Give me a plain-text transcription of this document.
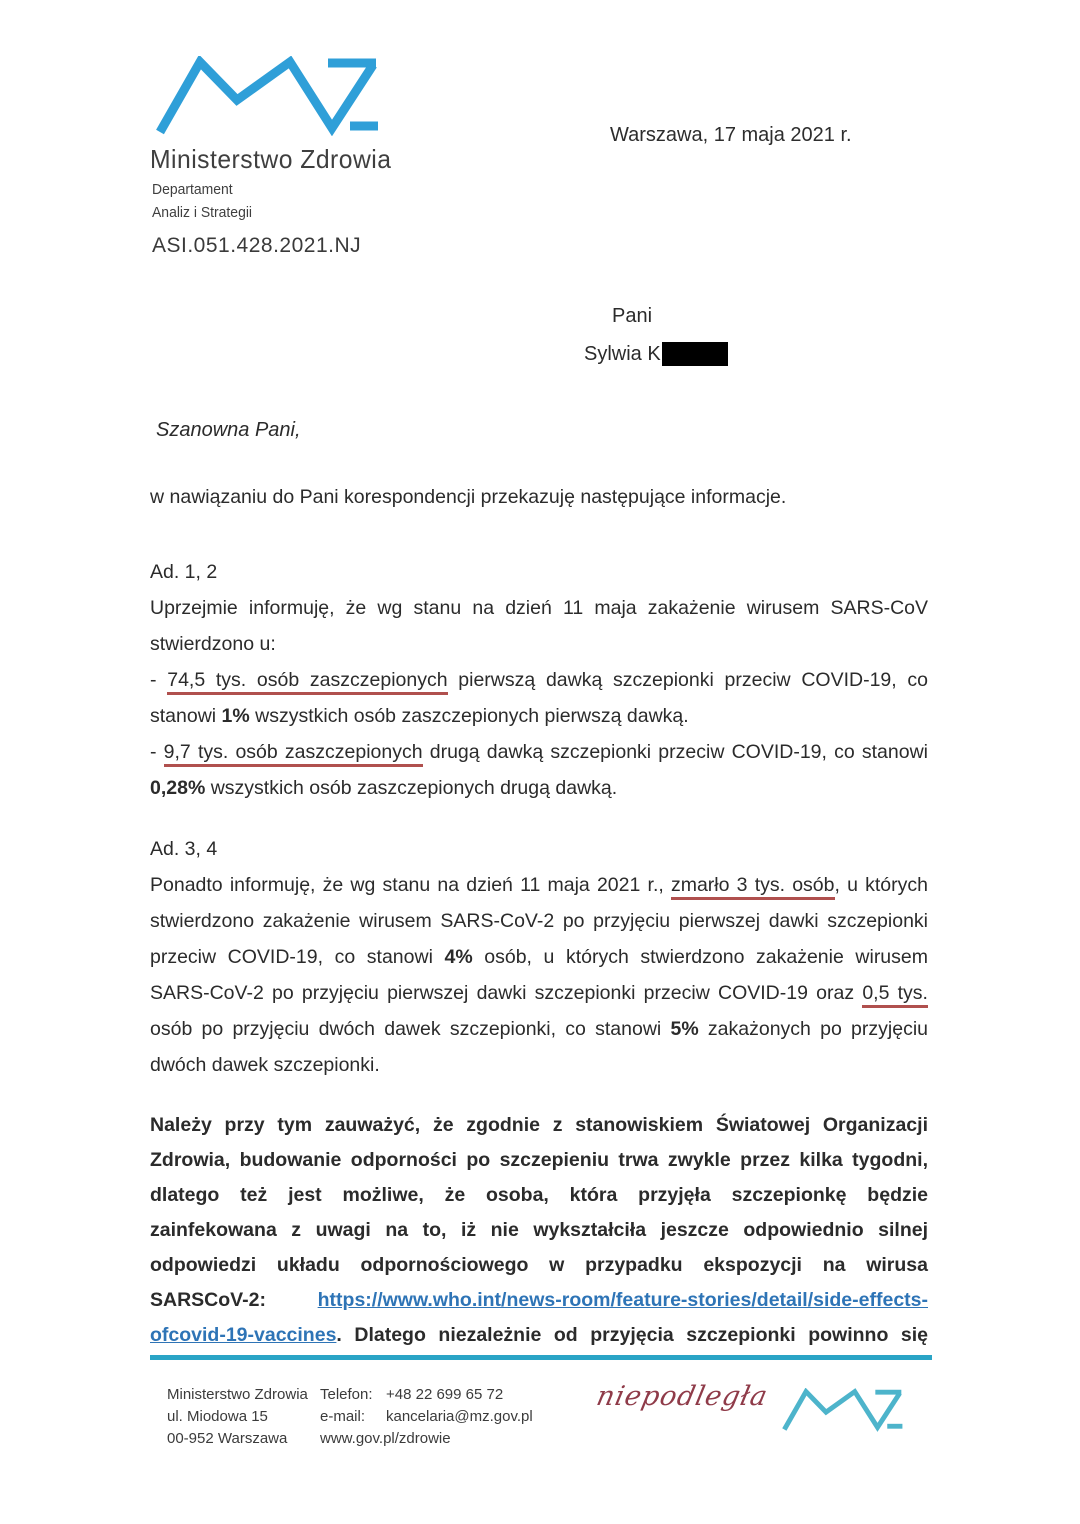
Ministerstwo Zdrowia
Departament
Analiz i Strategii
ASI.051.428.2021.NJ
Warszawa, 17 maja 2021 r.
Pani
Sylwia K
Szanowna Pani,
w nawiązaniu do Pani korespondencji przekazuję następujące informacje.
Ad. 1, 2
Uprzejmie informuję, że wg stanu na dzień 11 maja zakażenie wirusem SARS-CoV
stwierdzono u:
- 74,5 tys. osób zaszczepionych pierwszą dawką szczepionki przeciw COVID-19, co
stanowi 1% wszystkich osób zaszczepionych pierwszą dawką.
- 9,7 tys. osób zaszczepionych drugą dawką szczepionki przeciw COVID-19, co stanowi
0,28% wszystkich osób zaszczepionych drugą dawką.
Ad. 3, 4
Ponadto informuję, że wg stanu na dzień 11 maja 2021 r., zmarło 3 tys. osób, u których
stwierdzono zakażenie wirusem SARS-CoV-2 po przyjęciu pierwszej dawki szczepionki
przeciw COVID-19, co stanowi 4% osób, u których stwierdzono zakażenie wirusem
SARS-CoV-2 po przyjęciu pierwszej dawki szczepionki przeciw COVID-19 oraz 0,5 tys.
osób po przyjęciu dwóch dawek szczepionki, co stanowi 5% zakażonych po przyjęciu
dwóch dawek szczepionki.
Należy przy tym zauważyć, że zgodnie z stanowiskiem Światowej Organizacji
Zdrowia, budowanie odporności po szczepieniu trwa zwykle przez kilka tygodni,
dlatego też jest możliwe, że osoba, która przyjęła szczepionkę będzie
zainfekowana z uwagi na to, iż nie wykształciła jeszcze odpowiednio silnej
odpowiedzi układu odpornościowego w przypadku ekspozycji na wirusa
SARSCoV-2: https://www.who.int/news-room/feature-stories/detail/side-effects-
ofcovid-19-vaccines. Dlatego niezależnie od przyjęcia szczepionki powinno się
Ministerstwo Zdrowia
ul. Miodowa 15
00-952 Warszawa
Telefon: +48 22 699 65 72
e-mail:	kancelaria@mz.gov.pl
www.gov.pl/zdrowie
niepodległa
